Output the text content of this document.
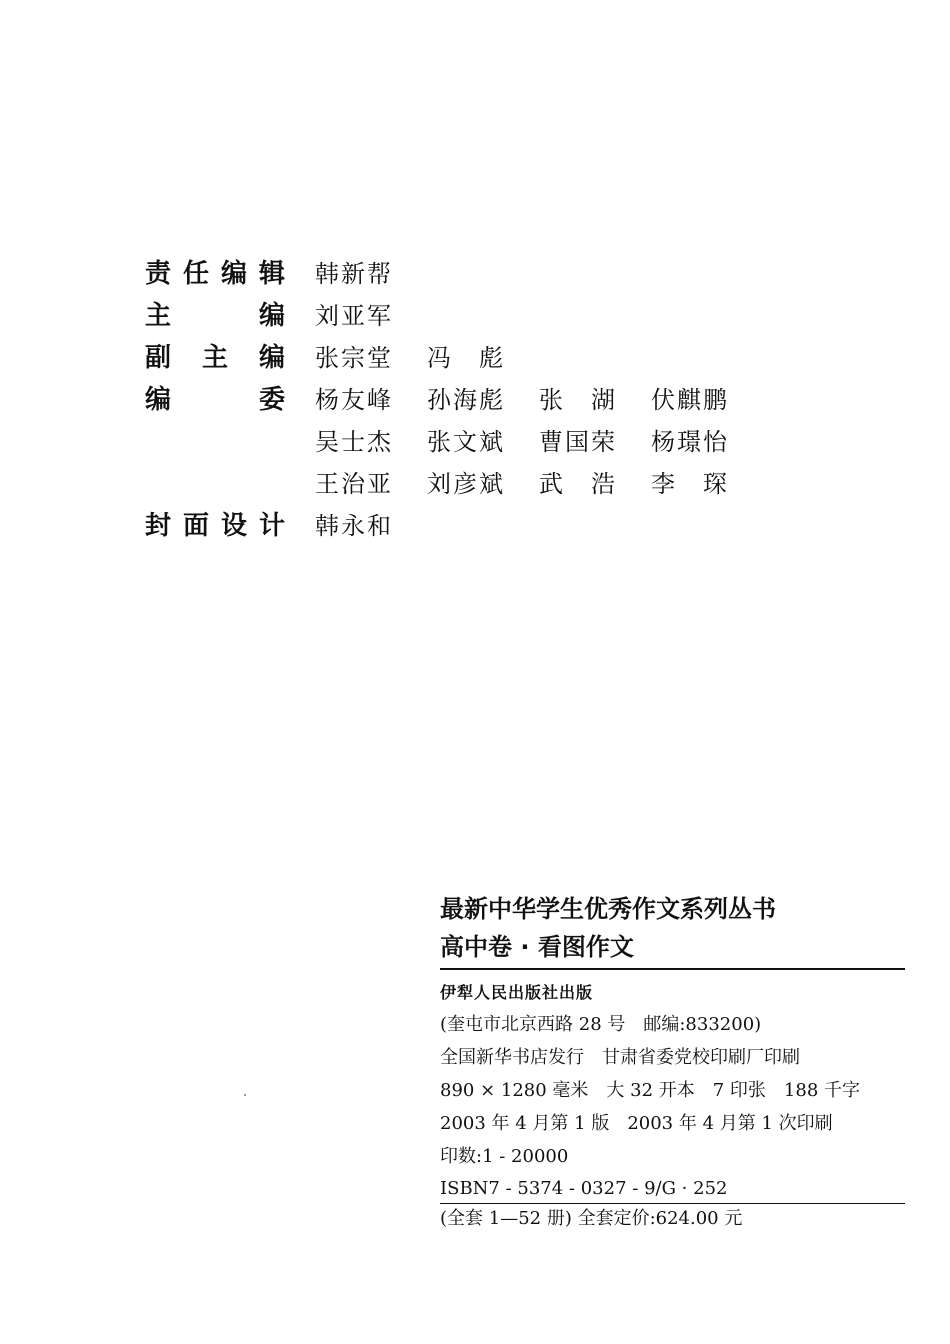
责 任 编 辑 韩新帮
主	编 刘亚军
副 主 编 张宗堂	冯　彪
编	委 杨友峰	孙海彪	张　湖	伏麒鹏
吴士杰	张文斌	曹国荣	杨璟怡
王治亚	刘彦斌	武　浩	李　琛
封 面 设 计 韩永和
最新中华学生优秀作文系列丛书
高中卷 · 看图作文
伊犁人民出版社出版
(奎屯市北京西路 28 号　邮编:833200)
全国新华书店发行　甘肃省委党校印刷厂印刷
890 × 1280 毫米　大 32 开本　7 印张　188 千字
2003 年 4 月第 1 版　2003 年 4 月第 1 次印刷
印数:1 - 20000
ISBN7 - 5374 - 0327 - 9/G · 252
(全套 1—52 册) 全套定价:624.00 元
